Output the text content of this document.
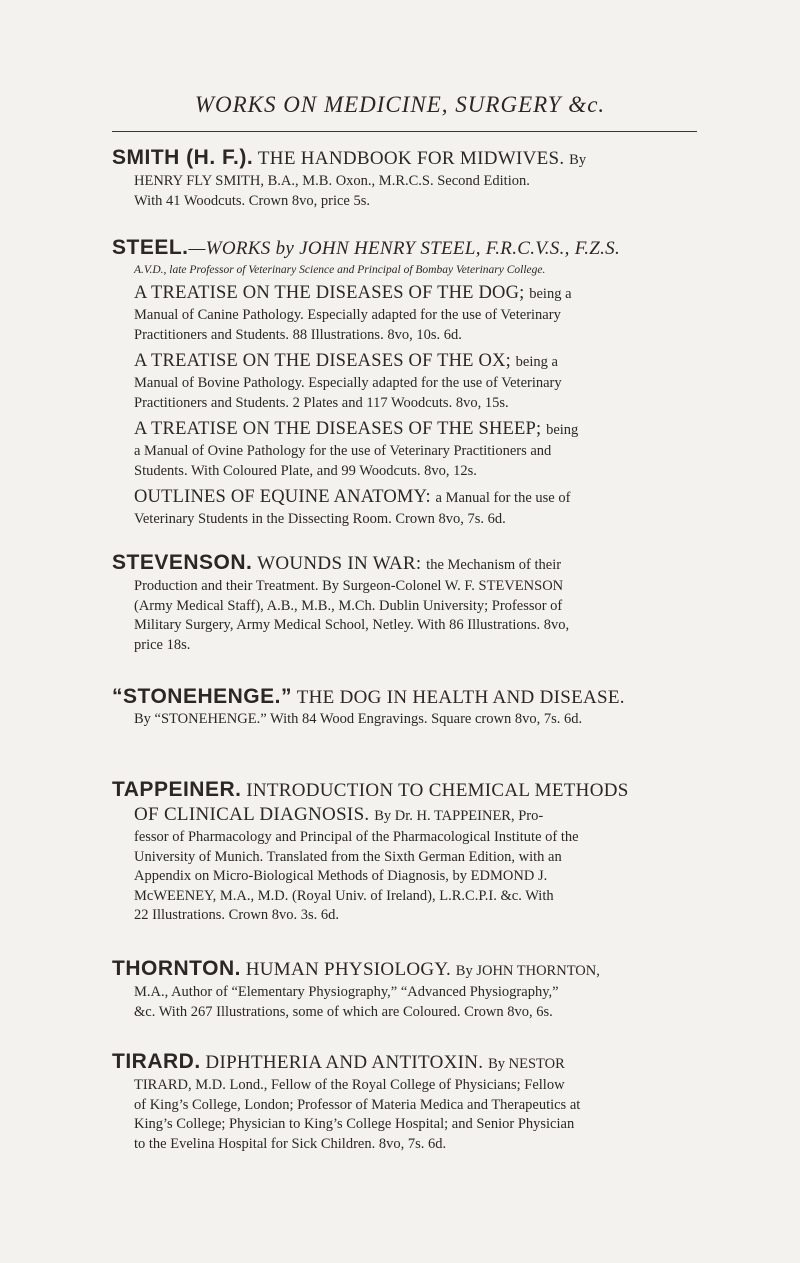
WORKS ON MEDICINE, SURGERY &c.

SMITH (H. F.). THE HANDBOOK FOR MIDWIVES. By

HENRY FLY SMITH, B.A., M.B. Oxon., M.R.C.S. Second Edition.

With 41 Woodcuts. Crown 8vo, price 5s.

STEEL.—WORKS by JOHN HENRY STEEL, F.R.C.V.S., F.Z.S.

A.V.D., late Professor of Veterinary Science and Principal of Bombay Veterinary College.

A TREATISE ON THE DISEASES OF THE DOG; being a

Manual of Canine Pathology. Especially adapted for the use of Veterinary

Practitioners and Students. 88 Illustrations. 8vo, 10s. 6d.

A TREATISE ON THE DISEASES OF THE OX; being a

Manual of Bovine Pathology. Especially adapted for the use of Veterinary

Practitioners and Students. 2 Plates and 117 Woodcuts. 8vo, 15s.

A TREATISE ON THE DISEASES OF THE SHEEP; being

a Manual of Ovine Pathology for the use of Veterinary Practitioners and

Students. With Coloured Plate, and 99 Woodcuts. 8vo, 12s.

OUTLINES OF EQUINE ANATOMY: a Manual for the use of

Veterinary Students in the Dissecting Room. Crown 8vo, 7s. 6d.

STEVENSON. WOUNDS IN WAR: the Mechanism of their

Production and their Treatment. By Surgeon-Colonel W. F. STEVENSON

(Army Medical Staff), A.B., M.B., M.Ch. Dublin University; Professor of

Military Surgery, Army Medical School, Netley. With 86 Illustrations. 8vo,

price 18s.

“STONEHENGE.” THE DOG IN HEALTH AND DISEASE.

By “STONEHENGE.” With 84 Wood Engravings. Square crown 8vo, 7s. 6d.

TAPPEINER. INTRODUCTION TO CHEMICAL METHODS

OF CLINICAL DIAGNOSIS. By Dr. H. TAPPEINER, Pro-

fessor of Pharmacology and Principal of the Pharmacological Institute of the

University of Munich. Translated from the Sixth German Edition, with an

Appendix on Micro-Biological Methods of Diagnosis, by EDMOND J.

McWEENEY, M.A., M.D. (Royal Univ. of Ireland), L.R.C.P.I. &c. With

22 Illustrations. Crown 8vo. 3s. 6d.

THORNTON. HUMAN PHYSIOLOGY. By JOHN THORNTON,

M.A., Author of “Elementary Physiography,” “Advanced Physiography,”

&c. With 267 Illustrations, some of which are Coloured. Crown 8vo, 6s.

TIRARD. DIPHTHERIA AND ANTITOXIN. By NESTOR

TIRARD, M.D. Lond., Fellow of the Royal College of Physicians; Fellow

of King’s College, London; Professor of Materia Medica and Therapeutics at

King’s College; Physician to King’s College Hospital; and Senior Physician

to the Evelina Hospital for Sick Children. 8vo, 7s. 6d.
